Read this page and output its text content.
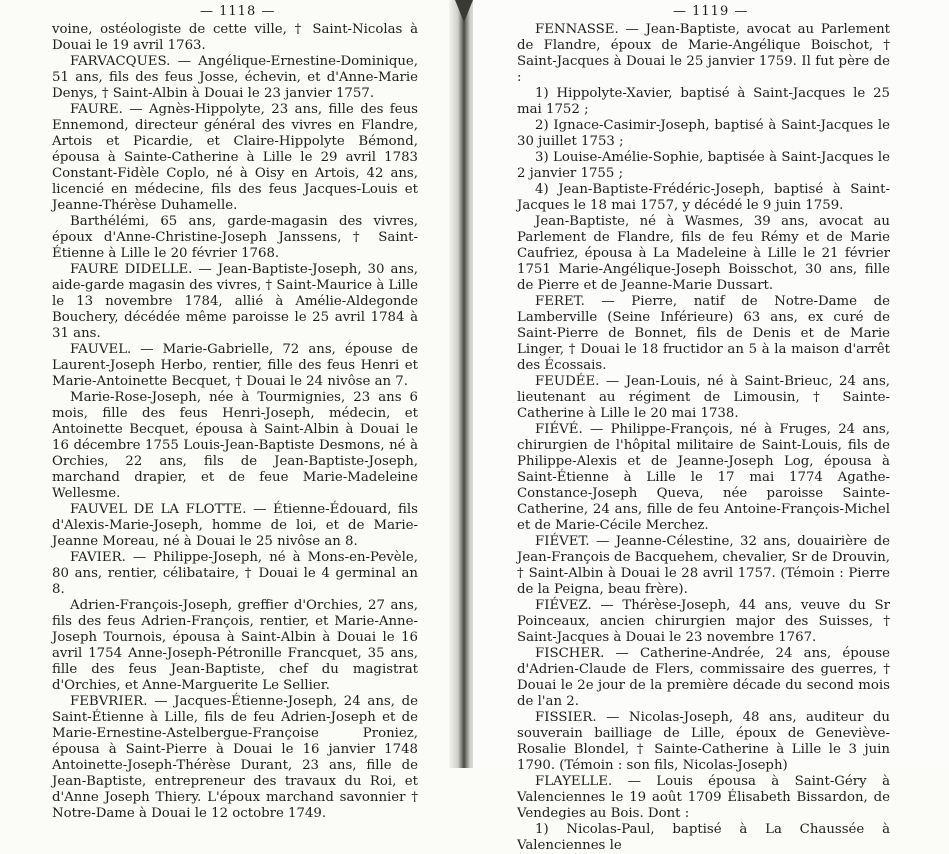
— 1118 —

voine, ostéologiste de cette ville, † Saint-Nicolas à Douai le 19 avril 1763.

FARVACQUES. — Angélique-Ernestine-Dominique, 51 ans, fils des feus Josse, échevin, et d'Anne-Marie Denys, † Saint-Albin à Douai le 23 janvier 1757.

FAURE. — Agnès-Hippolyte, 23 ans, fille des feus Ennemond, directeur général des vivres en Flandre, Artois et Picardie, et Claire-Hippolyte Bémond, épousa à Sainte-Catherine à Lille le 29 avril 1783 Constant-Fidèle Coplo, né à Oisy en Artois, 42 ans, licencié en médecine, fils des feus Jacques-Louis et Jeanne-Thérèse Duhamelle.

Barthélémi, 65 ans, garde-magasin des vivres, époux d'Anne-Christine-Joseph Janssens, † Saint-Étienne à Lille le 20 février 1768.

FAURE DIDELLE. — Jean-Baptiste-Joseph, 30 ans, aide-garde magasin des vivres, † Saint-Maurice à Lille le 13 novembre 1784, allié à Amélie-Aldegonde Bouchery, décédée même paroisse le 25 avril 1784 à 31 ans.

FAUVEL. — Marie-Gabrielle, 72 ans, épouse de Laurent-Joseph Herbo, rentier, fille des feus Henri et Marie-Antoinette Becquet, † Douai le 24 nivôse an 7.

Marie-Rose-Joseph, née à Tourmignies, 23 ans 6 mois, fille des feus Henri-Joseph, médecin, et Antoinette Becquet, épousa à Saint-Albin à Douai le 16 décembre 1755 Louis-Jean-Baptiste Desmons, né à Orchies, 22 ans, fils de Jean-Baptiste-Joseph, marchand drapier, et de feue Marie-Madeleine Wellesme.

FAUVEL DE LA FLOTTE. — Étienne-Édouard, fils d'Alexis-Marie-Joseph, homme de loi, et de Marie-Jeanne Moreau, né à Douai le 25 nivôse an 8.

FAVIER. — Philippe-Joseph, né à Mons-en-Pevèle, 80 ans, rentier, célibataire, † Douai le 4 germinal an 8.

Adrien-François-Joseph, greffier d'Orchies, 27 ans, fils des feus Adrien-François, rentier, et Marie-Anne-Joseph Tournois, épousa à Saint-Albin à Douai le 16 avril 1754 Anne-Joseph-Pétronille Francquet, 35 ans, fille des feus Jean-Baptiste, chef du magistrat d'Orchies, et Anne-Marguerite Le Sellier.

FEBVRIER. — Jacques-Étienne-Joseph, 24 ans, de Saint-Étienne à Lille, fils de feu Adrien-Joseph et de Marie-Ernestine-Astelbergue-Françoise Proniez, épousa à Saint-Pierre à Douai le 16 janvier 1748 Antoinette-Joseph-Thérèse Durant, 23 ans, fille de Jean-Baptiste, entrepreneur des travaux du Roi, et d'Anne Joseph Thiery. L'époux marchand savonnier † Notre-Dame à Douai le 12 octobre 1749.

— 1119 —

FENNASSE. — Jean-Baptiste, avocat au Parlement de Flandre, époux de Marie-Angélique Boischot, † Saint-Jacques à Douai le 25 janvier 1759. Il fut père de :

1) Hippolyte-Xavier, baptisé à Saint-Jacques le 25 mai 1752 ;

2) Ignace-Casimir-Joseph, baptisé à Saint-Jacques le 30 juillet 1753 ;

3) Louise-Amélie-Sophie, baptisée à Saint-Jacques le 2 janvier 1755 ;

4) Jean-Baptiste-Frédéric-Joseph, baptisé à Saint-Jacques le 18 mai 1757, y décédé le 9 juin 1759.

Jean-Baptiste, né à Wasmes, 39 ans, avocat au Parlement de Flandre, fils de feu Rémy et de Marie Caufriez, épousa à La Madeleine à Lille le 21 février 1751 Marie-Angélique-Joseph Boisschot, 30 ans, fille de Pierre et de Jeanne-Marie Dussart.

FERET. — Pierre, natif de Notre-Dame de Lamberville (Seine Inférieure) 63 ans, ex curé de Saint-Pierre de Bonnet, fils de Denis et de Marie Linger, † Douai le 18 fructidor an 5 à la maison d'arrêt des Écossais.

FEUDÉE. — Jean-Louis, né à Saint-Brieuc, 24 ans, lieutenant au régiment de Limousin, † Sainte-Catherine à Lille le 20 mai 1738.

FIÉVÉ. — Philippe-François, né à Fruges, 24 ans, chirurgien de l'hôpital militaire de Saint-Louis, fils de Philippe-Alexis et de Jeanne-Joseph Log, épousa à Saint-Étienne à Lille le 17 mai 1774 Agathe-Constance-Joseph Queva, née paroisse Sainte-Catherine, 24 ans, fille de feu Antoine-François-Michel et de Marie-Cécile Merchez.

FIÉVET. — Jeanne-Célestine, 32 ans, douairière de Jean-François de Bacquehem, chevalier, Sr de Drouvin, † Saint-Albin à Douai le 28 avril 1757. (Témoin : Pierre de la Peigna, beau frère).

FIÉVEZ. — Thérèse-Joseph, 44 ans, veuve du Sr Poinceaux, ancien chirurgien major des Suisses, † Saint-Jacques à Douai le 23 novembre 1767.

FISCHER. — Catherine-Andrée, 24 ans, épouse d'Adrien-Claude de Flers, commissaire des guerres, † Douai le 2e jour de la première décade du second mois de l'an 2.

FISSIER. — Nicolas-Joseph, 48 ans, auditeur du souverain bailliage de Lille, époux de Geneviève-Rosalie Blondel, † Sainte-Catherine à Lille le 3 juin 1790. (Témoin : son fils, Nicolas-Joseph)

FLAYELLE. — Louis épousa à Saint-Géry à Valenciennes le 19 août 1709 Élisabeth Bissardon, de Vendegies au Bois. Dont :

1) Nicolas-Paul, baptisé à La Chaussée à Valenciennes le
